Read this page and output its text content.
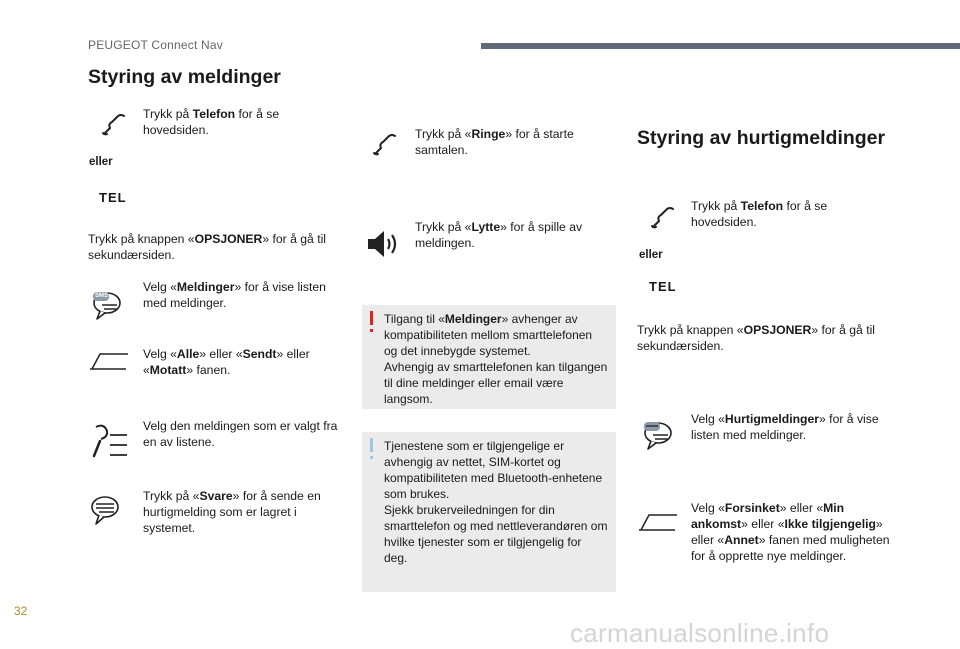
PEUGEOT Connect Nav
Styring av meldinger
Trykk på Telefon for å se hovedsiden.
eller
TEL
Trykk på knappen «OPSJONER» for å gå til sekundærsiden.
SMS
Velg «Meldinger» for å vise listen med meldinger.
Velg «Alle» eller «Sendt» eller «Motatt» fanen.
Velg den meldingen som er valgt fra en av listene.
Trykk på «Svare» for å sende en hurtigmelding som er lagret i systemet.
Trykk på «Ringe» for å starte samtalen.
Trykk på «Lytte» for å spille av meldingen.
Tilgang til «Meldinger» avhenger av kompatibiliteten mellom smarttelefonen og det innebygde systemet.
Avhengig av smarttelefonen kan tilgangen til dine meldinger eller email være langsom.
Tjenestene som er tilgjengelige er avhengig av nettet, SIM-kortet og kompatibiliteten med Bluetooth-enhetene som brukes.
Sjekk brukerveiledningen for din smarttelefon og med nettleverandøren om hvilke tjenester som er tilgjengelig for deg.
Styring av hurtigmeldinger
Trykk på Telefon for å se hovedsiden.
eller
TEL
Trykk på knappen «OPSJONER» for å gå til sekundærsiden.
Velg «Hurtigmeldinger» for å vise listen med meldinger.
Velg «Forsinket» eller «Min ankomst» eller «Ikke tilgjengelig» eller «Annet» fanen med muligheten for å opprette nye meldinger.
32
carmanualsonline.info
